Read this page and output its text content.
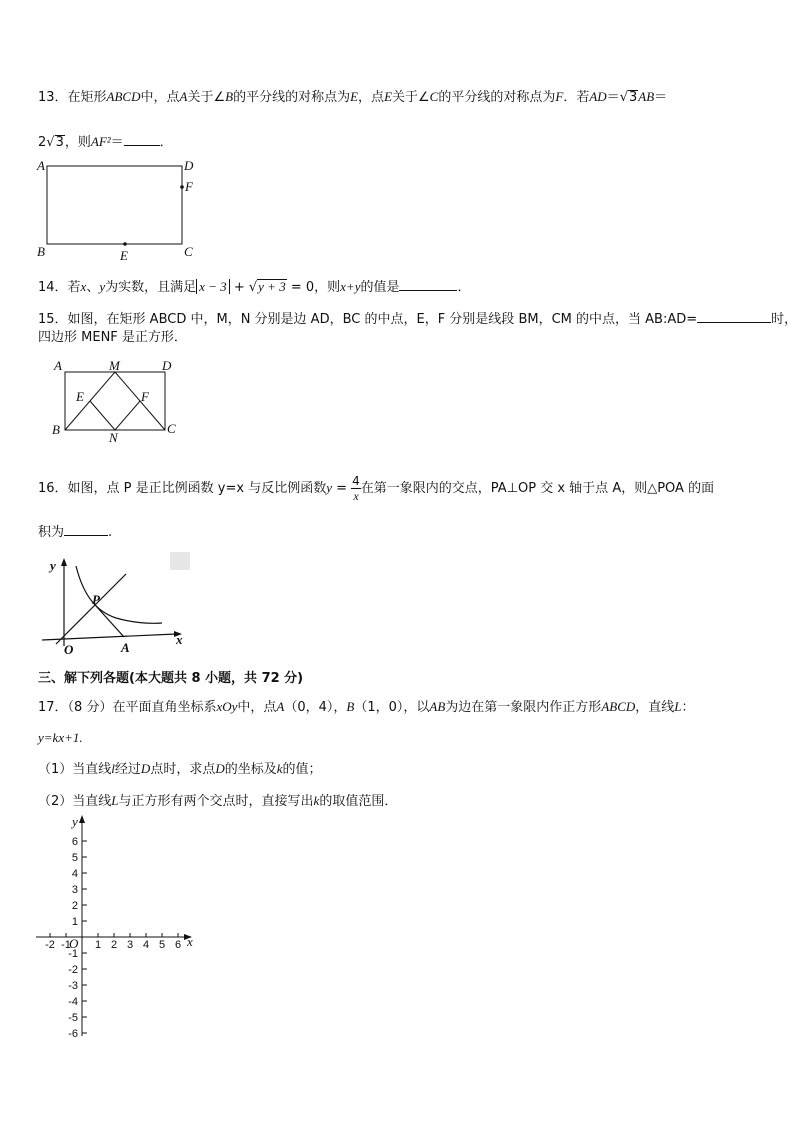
13．在矩形ABCD中，点A关于∠B的平分线的对称点为E，点E关于∠C的平分线的对称点为F．若AD＝√3AB＝
2√3，则AF²＝	．
A	D
F
B	C
E
14．若x、y为实数，且满足 x − 3 + √y + 3 = 0，则x+y的值是	．
15．如图，在矩形 ABCD 中，M，N 分别是边 AD，BC 的中点，E，F 分别是线段 BM，CM 的中点，当 AB:AD=	时，
四边形 MENF 是正方形．
A	M	D
E	F
B
N
C
16．如图，点 P 是正比例函数 y=x 与反比例函数$y = \frac{4}{x}$ 在第一象限内的交点，PA⊥OP 交 x 轴于点 A，则△POA 的面
积为	.
y
x
P
O	A
三、解下列各题(本大题共 8 小题，共 72 分)
17．（8 分）在平面直角坐标系xOy中，点A（0，4），B（1，0），以AB为边在第一象限内作正方形ABCD，直线L：
y=kx+1.
（1）当直线l经过D点时，求点D的坐标及k的值；
（2）当直线L与正方形有两个交点时，直接写出k的取值范围．
y
x
O
6
5
4
3
2
1
-1
-2
-3
-4
-5
-6
-2 -1 1 2 3 4 5 6
